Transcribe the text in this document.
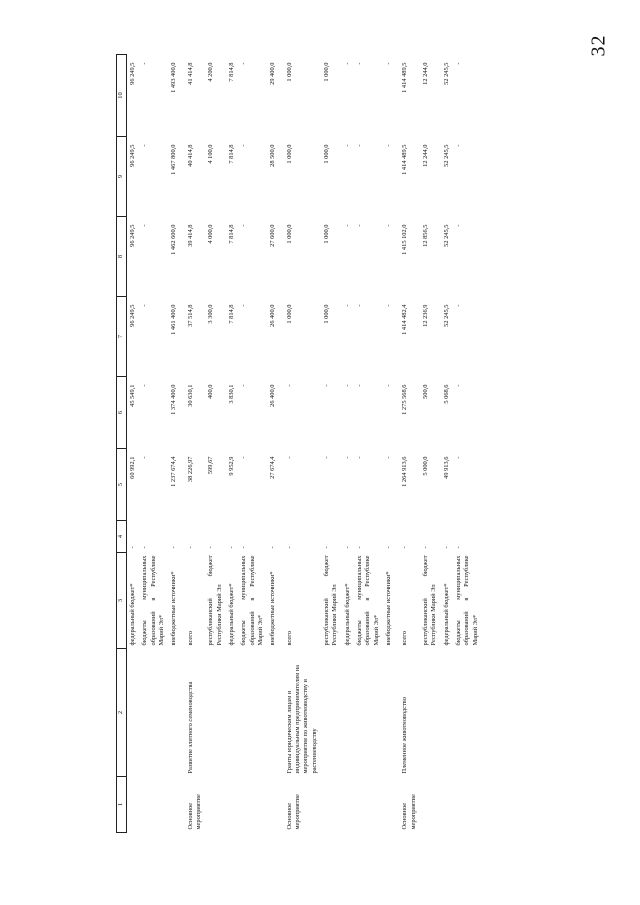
32
1	2	3	4	5	6	7	8	9	10
		федеральный бюджет*	-	60 992,1	45 549,1	96 249,5	96 249,5	96 249,5	96 249,5
		бюджеты муниципальных образований в Республике Марий Эл*	-	-	-	-	-	-	-
		внебюджетные источники*	-	1 237 674,4	1 374 400,0	1 461 400,0	1 462 600,0	1 467 800,0	1 493 400,0
Основное мероприятие	Развитие элитного семеноводства	всего	-	38 226,97	30 630,1	37 514,8	39 414,8	40 414,8	41 414,8
		республиканский бюджет Республики Марий Эл	-	599,67	400,0	3 300,0	4 000,0	4 100,0	4 200,0
		федеральный бюджет*	-	9 952,9	3 830,1	7 814,8	7 814,8	7 814,8	7 814,8
		бюджеты муниципальных образований в Республике Марий Эл*	-	-	-	-	-	-	-
		внебюджетные источники*	-	27 674,4	26 400,0	26 400,0	27 600,0	28 500,0	29 400,0
Основное мероприятие	Гранты юридическим лицам и индивидуальным предпринимателям на мероприятия по животноводству и растениеводству	всего	-	-	-	1 000,0	1 000,0	1 000,0	1 000,0
		республиканский бюджет Республики Марий Эл	-	-	-	1 000,0	1 000,0	1 000,0	1 000,0
		федеральный бюджет*	-	-	-	-	-	-	-
		бюджеты муниципальных образований в Республике Марий Эл*	-	-	-	-	-	-	-
		внебюджетные источники*	-	-	-	-	-	-	-
Основное мероприятие	Племенное животноводство	всего	-	1 264 913,6	1 275 568,6	1 414 482,4	1 415 102,0	1 414 489,5	1 414 489,5
		республиканский бюджет Республики Марий Эл	-	5 000,0	500,0	12 236,9	12 856,5	12 244,0	12 244,0
		федеральный бюджет*	-	49 913,6	5 068,6	52 245,5	52 245,5	52 245,5	52 245,5
		бюджеты муниципальных образований в Республике Марий Эл*	-	-	-	-	-	-	-
